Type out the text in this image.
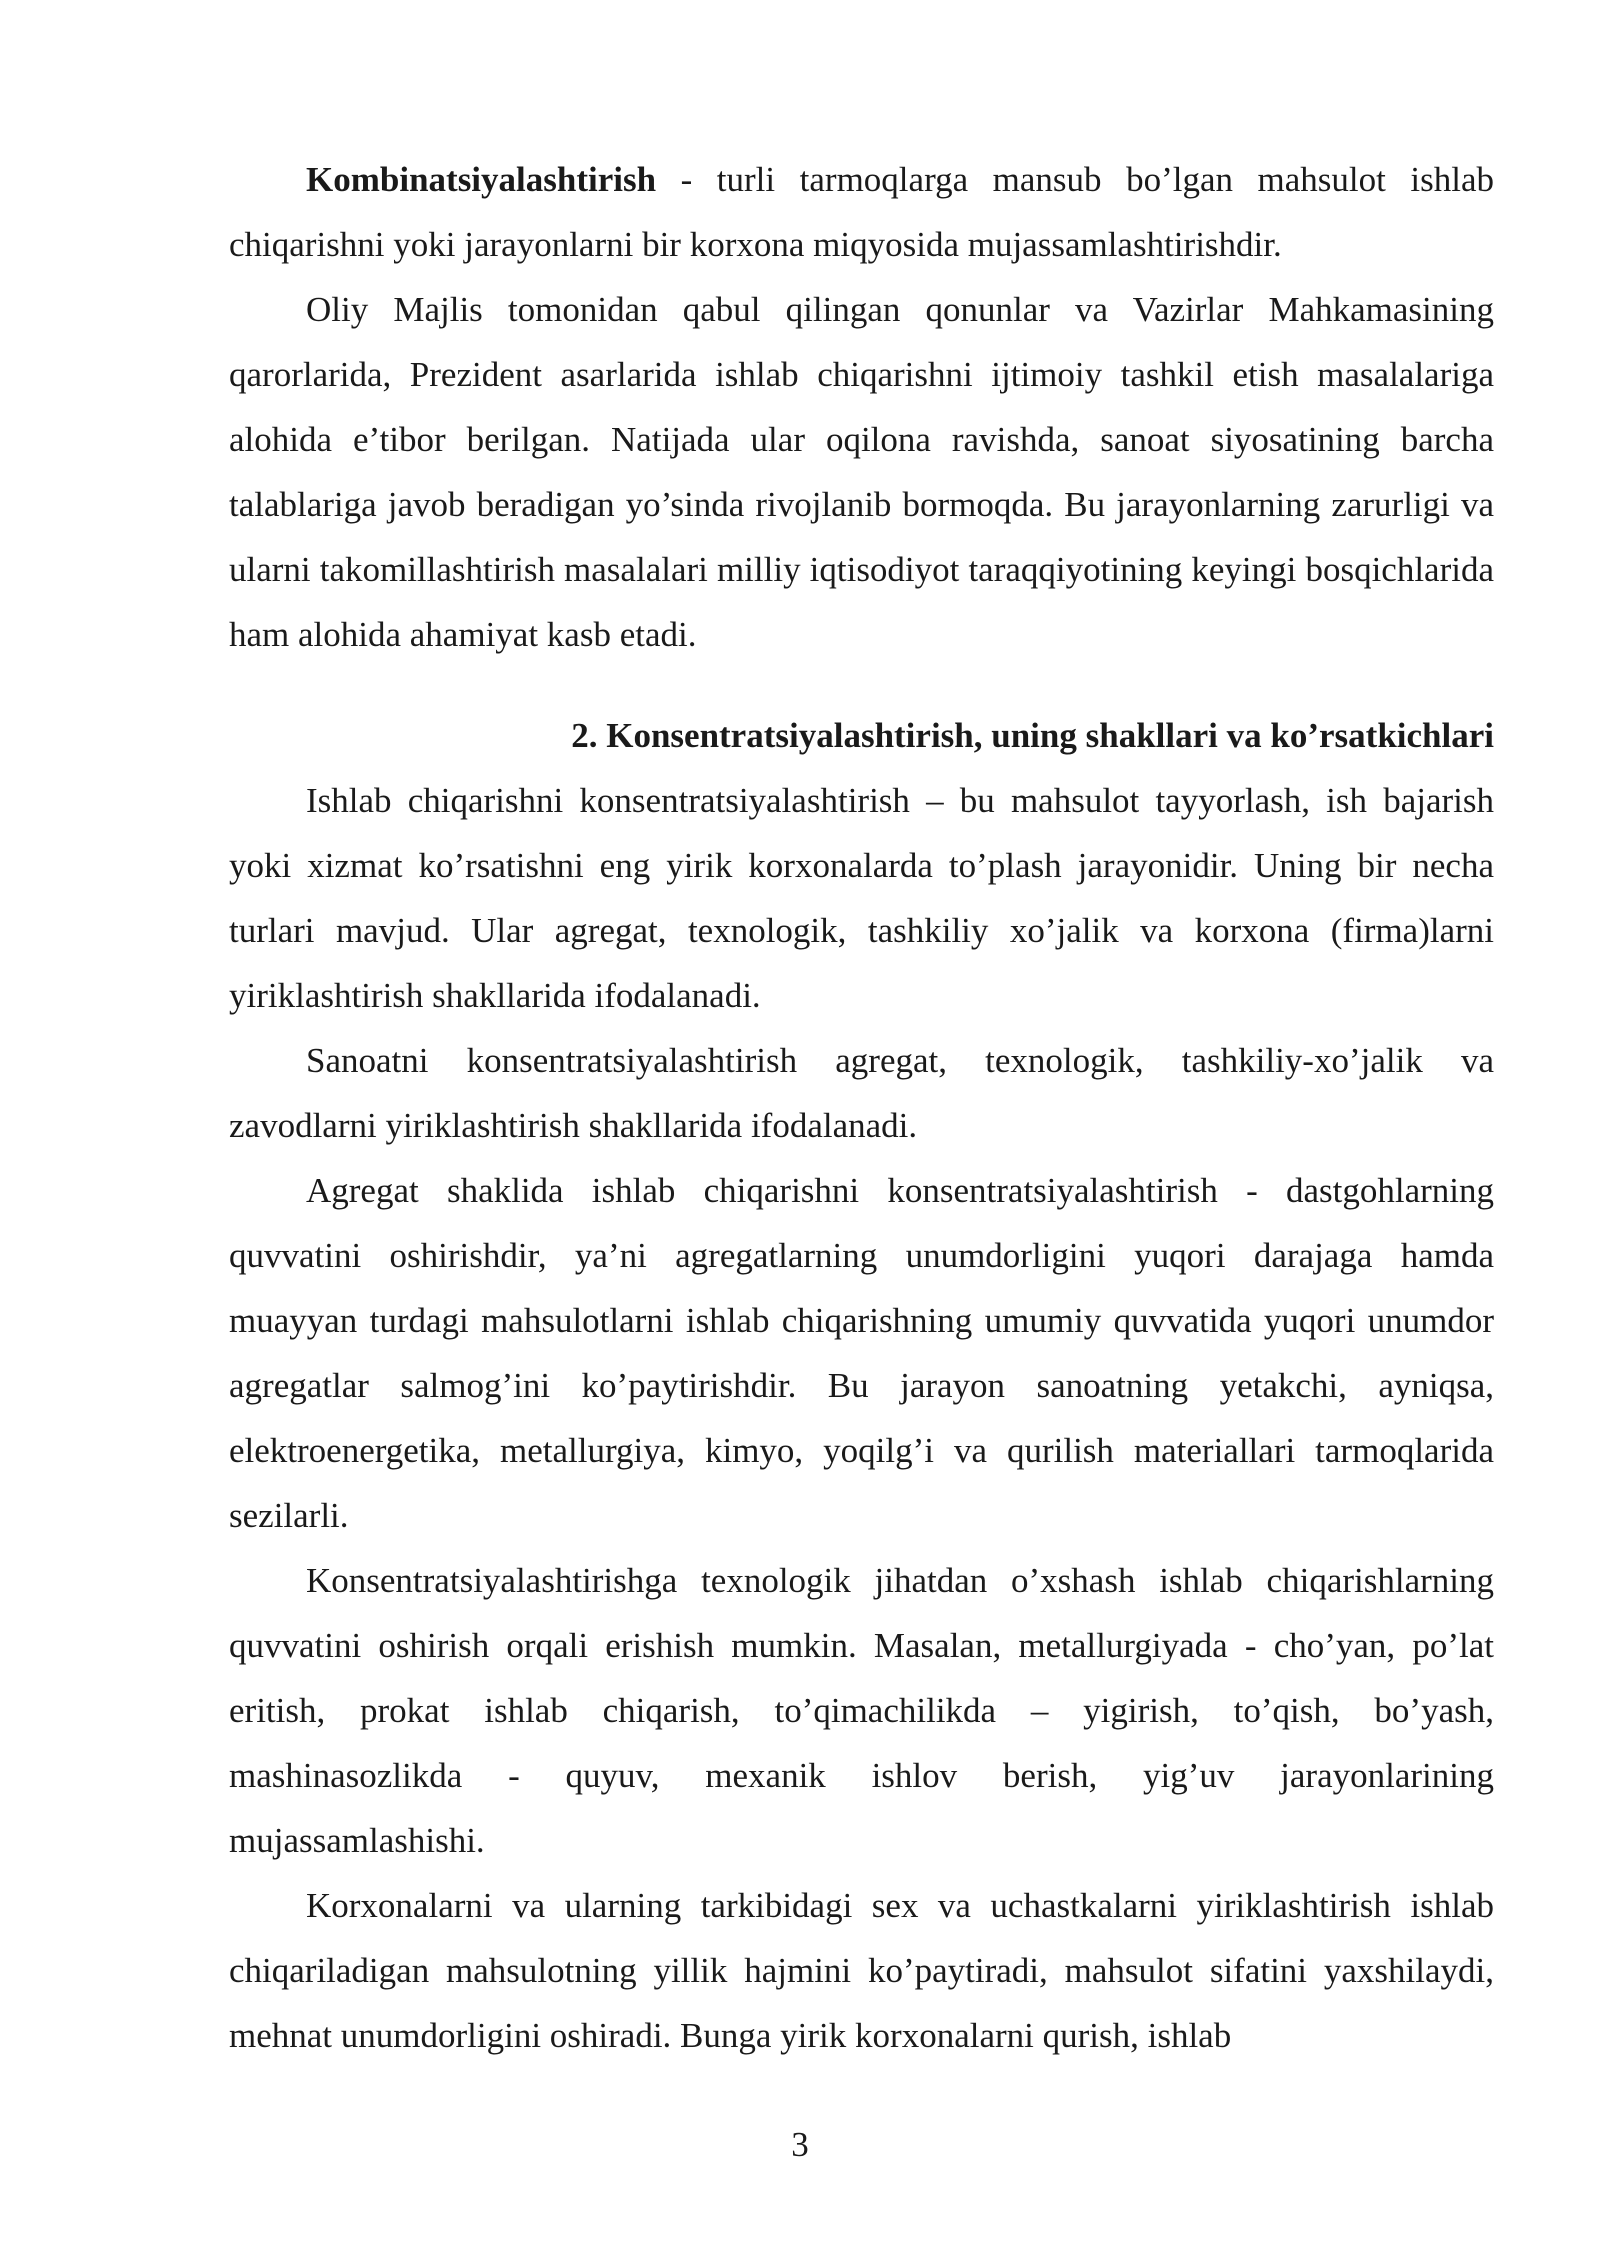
Kombinatsiyalashtirish - turli tarmoqlarga mansub bo’lgan mahsulot ishlab chiqarishni yoki jarayonlarni bir korxona miqyosida mujassamlashtirishdir.

Oliy Majlis tomonidan qabul qilingan qonunlar va Vazirlar Mahkamasining qarorlarida, Prezident asarlarida ishlab chiqarishni ijtimoiy tashkil etish masalalariga alohida e’tibor berilgan. Natijada ular oqilona ravishda, sanoat siyosatining barcha talablariga javob beradigan yo’sinda rivojlanib bormoqda. Bu jarayonlarning zarurligi va ularni takomillashtirish masalalari milliy iqtisodiyot taraqqiyotining keyingi bosqichlarida ham alohida ahamiyat kasb etadi.

2. Konsentratsiyalashtirish, uning shakllari va ko’rsatkichlari

Ishlab chiqarishni konsentratsiyalashtirish – bu mahsulot tayyorlash, ish bajarish yoki xizmat ko’rsatishni eng yirik korxonalarda to’plash jarayonidir. Uning bir necha turlari mavjud. Ular agregat, texnologik, tashkiliy xo’jalik va korxona (firma)larni yiriklashtirish shakllarida ifodalanadi.

Sanoatni konsentratsiyalashtirish agregat, texnologik, tashkiliy-xo’jalik va zavodlarni yiriklashtirish shakllarida ifodalanadi.

Agregat shaklida ishlab chiqarishni konsentratsiyalashtirish - dastgohlarning quvvatini oshirishdir, ya’ni agregatlarning unumdorligini yuqori darajaga hamda muayyan turdagi mahsulotlarni ishlab chiqarishning umumiy quvvatida yuqori unumdor agregatlar salmog’ini ko’paytirishdir. Bu jarayon sanoatning yetakchi, ayniqsa, elektroenergetika, metallurgiya, kimyo, yoqilg’i va qurilish materiallari tarmoqlarida sezilarli.

Konsentratsiyalashtirishga texnologik jihatdan o’xshash ishlab chiqarishlarning quvvatini oshirish orqali erishish mumkin. Masalan, metallurgiyada - cho’yan, po’lat eritish, prokat ishlab chiqarish, to’qimachilikda – yigirish, to’qish, bo’yash, mashinasozlikda - quyuv, mexanik ishlov berish, yig’uv jarayonlarining mujassamlashishi.

Korxonalarni va ularning tarkibidagi sex va uchastkalarni yiriklashtirish ishlab chiqariladigan mahsulotning yillik hajmini ko’paytiradi, mahsulot sifatini yaxshilaydi, mehnat unumdorligini oshiradi. Bunga yirik korxonalarni qurish, ishlab

3
